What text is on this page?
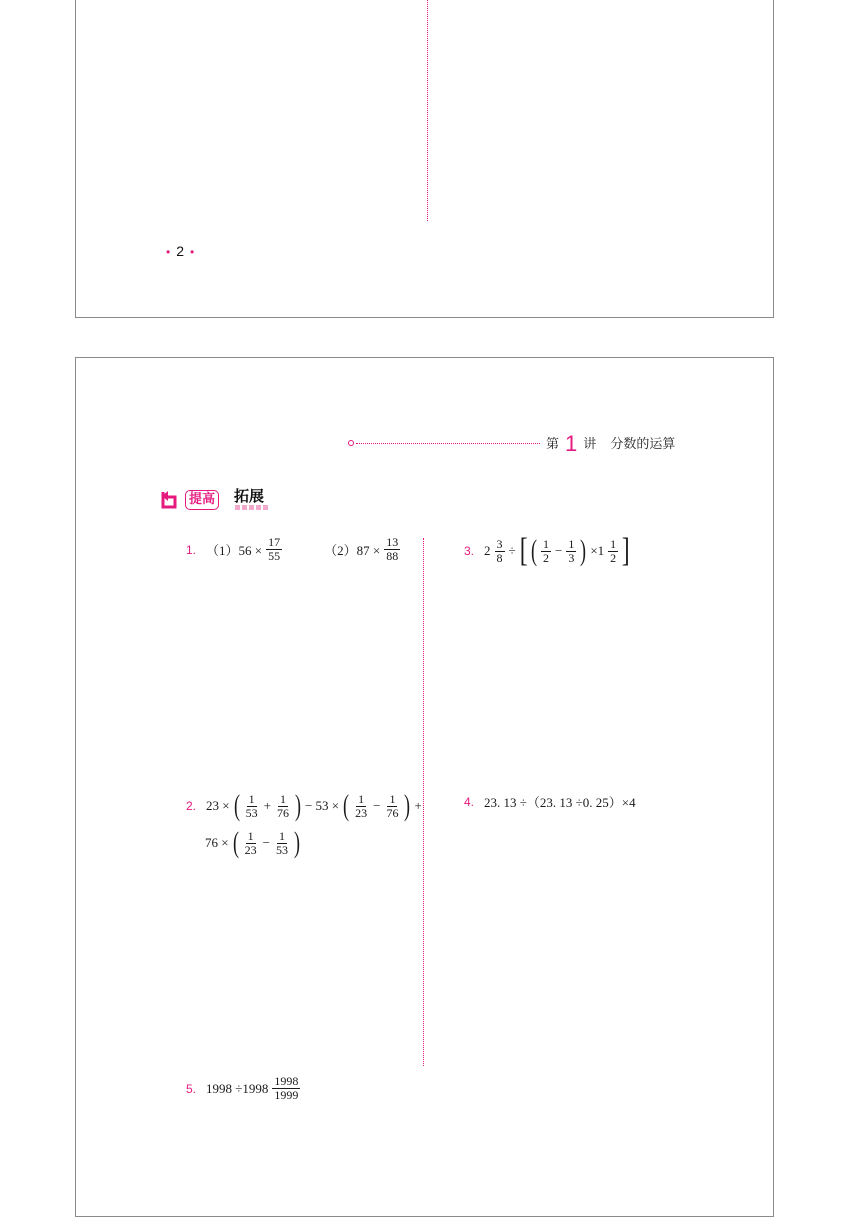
• 2 •
第 1 讲 分数的运算
提高 拓展
1. $(1)56 \times \frac{17}{55}$	$(2)87 \times \frac{13}{88}$	3. $2 \frac{3}{8}$ ÷ [ ( $\frac{1}{2} - \frac{1}{3}$ ) $\times 1 \frac{1}{2}$ ]
2. 23 × ( $\frac{1}{53} + \frac{1}{76}$ ) − 53 × ( $\frac{1}{23} - \frac{1}{76}$ ) +
76 × ( $\frac{1}{23} - \frac{1}{53}$ )
4. 23. 13 ÷（23. 13 ÷0. 25）×4
5. $1998 \div 1998 \frac{1998}{1999}$
